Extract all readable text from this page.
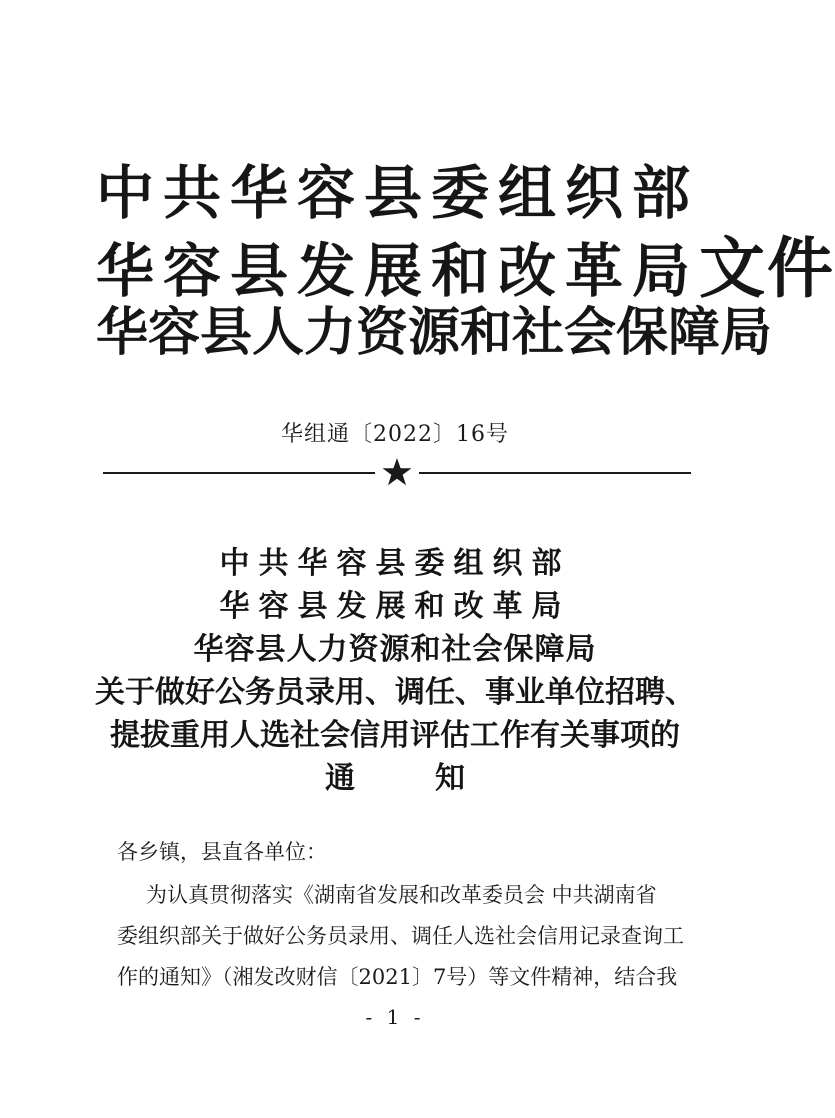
中共华容县委组织部
华容县发展和改革局文件
华容县人力资源和社会保障局
华组通〔2022〕16号
中共华容县委组织部
华容县发展和改革局
华容县人力资源和社会保障局
关于做好公务员录用、调任、事业单位招聘、
提拔重用人选社会信用评估工作有关事项的
通知
各乡镇，县直各单位：
为认真贯彻落实《湖南省发展和改革委员会 中共湖南省
委组织部关于做好公务员录用、调任人选社会信用记录查询工
作的通知》（湘发改财信〔2021〕7号）等文件精神，结合我
- 1 -
